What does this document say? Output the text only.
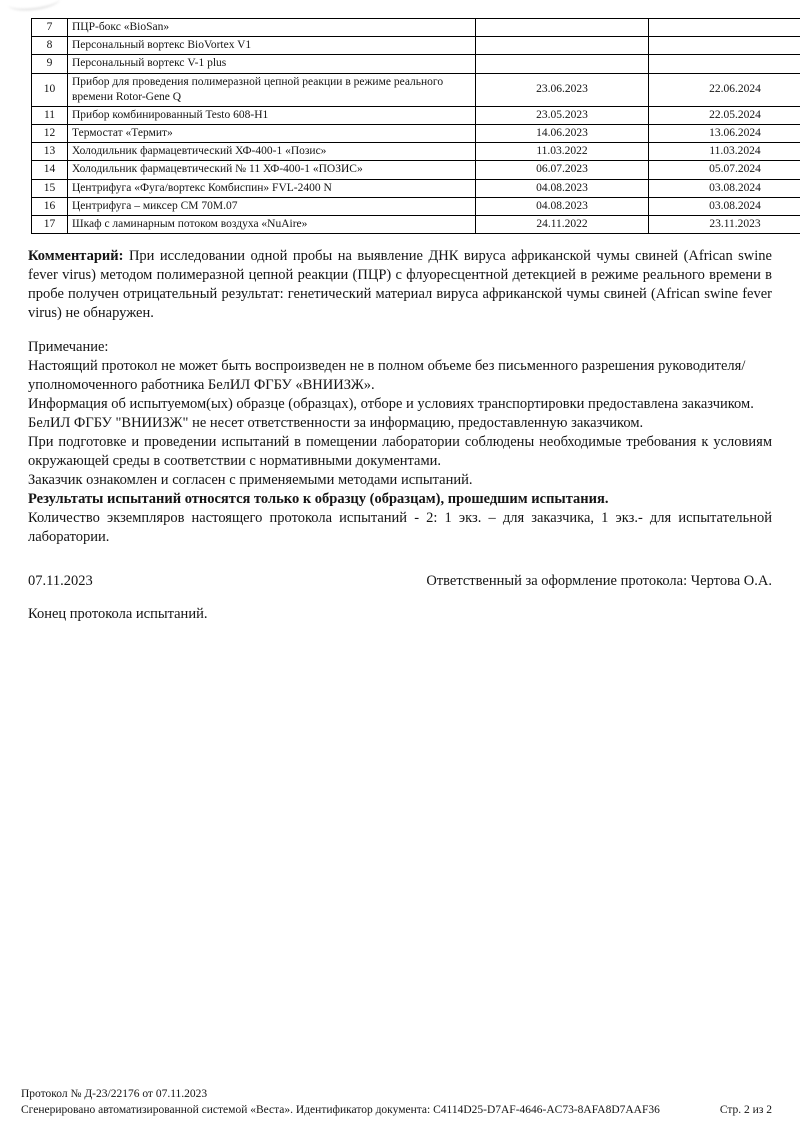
7	ПЦР-бокс «BioSan»		
8	Персональный вортекс BioVortex V1		
9	Персональный вортекс V-1 plus		
10	Прибор для проведения полимеразной цепной реакции в режиме реального времени Rotor-Gene Q	23.06.2023	22.06.2024
11	Прибор комбинированный Testo 608-H1	23.05.2023	22.05.2024
12	Термостат «Термит»	14.06.2023	13.06.2024
13	Холодильник фармацевтический ХФ-400-1 «Позис»	11.03.2022	11.03.2024
14	Холодильник фармацевтический № 11 ХФ-400-1 «ПОЗИС»	06.07.2023	05.07.2024
15	Центрифуга «Фуга/вортекс Комбиспин» FVL-2400 N	04.08.2023	03.08.2024
16	Центрифуга – миксер СМ 70М.07	04.08.2023	03.08.2024
17	Шкаф с ламинарным потоком воздуха «NuAire»	24.11.2022	23.11.2023

Комментарий: При исследовании одной пробы на выявление ДНК вируса африканской чумы свиней (African swine fever virus) методом полимеразной цепной реакции (ПЦР) с флуоресцентной детекцией в режиме реального времени в пробе получен отрицательный результат: генетический материал вируса африканской чумы свиней (African swine fever virus) не обнаружен.

Примечание:

Настоящий протокол не может быть воспроизведен не в полном объеме без письменного разрешения руководителя/уполномоченного работника БелИЛ ФГБУ «ВНИИЗЖ».

Информация об испытуемом(ых) образце (образцах), отборе и условиях транспортировки предоставлена заказчиком.

БелИЛ ФГБУ "ВНИИЗЖ" не несет ответственности за информацию, предоставленную заказчиком.

При подготовке и проведении испытаний в помещении лаборатории соблюдены необходимые требования к условиям окружающей среды в соответствии с нормативными документами.

Заказчик ознакомлен и согласен с применяемыми методами испытаний.

Результаты испытаний относятся только к образцу (образцам), прошедшим испытания.

Количество экземпляров настоящего протокола испытаний - 2: 1 экз. – для заказчика, 1 экз.- для испытательной лаборатории.

07.11.2023	Ответственный за оформление протокола: Чертова О.А.

Конец протокола испытаний.

Протокол № Д-23/22176 от 07.11.2023
Сгенерировано автоматизированной системой «Веста». Идентификатор документа: C4114D25-D7AF-4646-AC73-8AFA8D7AAF36	Стр. 2 из 2
